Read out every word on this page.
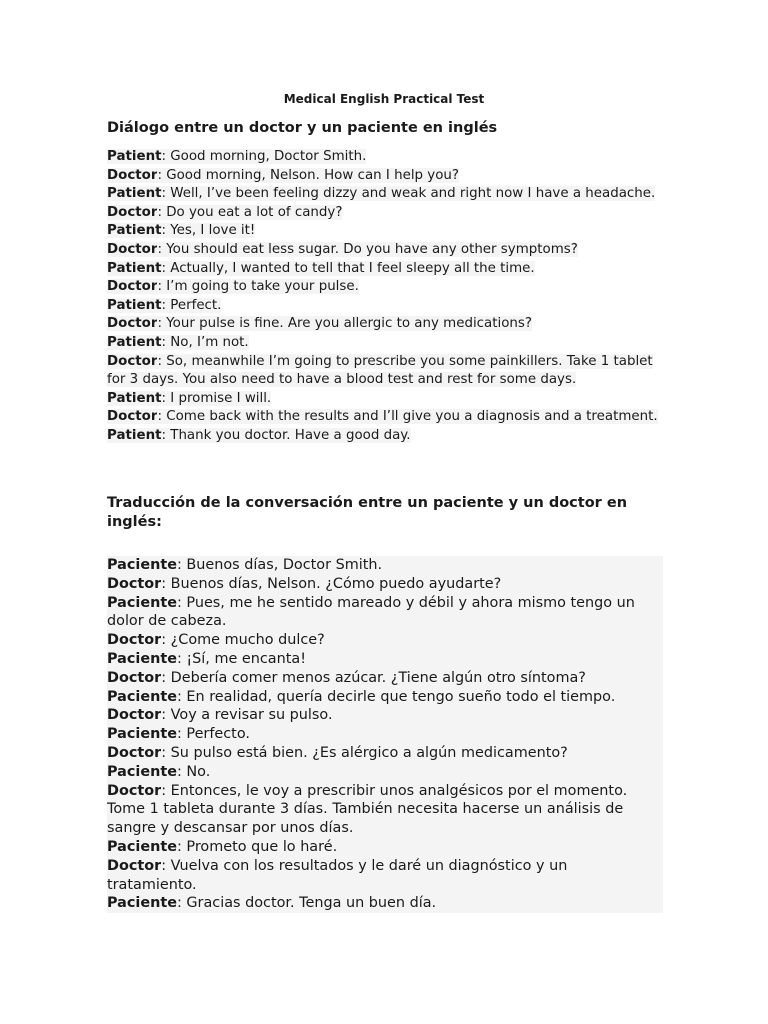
Medical English Practical Test
Diálogo entre un doctor y un paciente en inglés
Patient: Good morning, Doctor Smith.
Doctor: Good morning, Nelson. How can I help you?
Patient: Well, I’ve been feeling dizzy and weak and right now I have a headache.
Doctor: Do you eat a lot of candy?
Patient: Yes, I love it!
Doctor: You should eat less sugar. Do you have any other symptoms?
Patient: Actually, I wanted to tell that I feel sleepy all the time.
Doctor: I’m going to take your pulse.
Patient: Perfect.
Doctor: Your pulse is fine. Are you allergic to any medications?
Patient: No, I’m not.
Doctor: So, meanwhile I’m going to prescribe you some painkillers. Take 1 tablet for 3 days. You also need to have a blood test and rest for some days.
Patient: I promise I will.
Doctor: Come back with the results and I’ll give you a diagnosis and a treatment.
Patient: Thank you doctor. Have a good day.
Traducción de la conversación entre un paciente y un doctor en inglés:
Paciente: Buenos días, Doctor Smith.
Doctor: Buenos días, Nelson. ¿Cómo puedo ayudarte?
Paciente: Pues, me he sentido mareado y débil y ahora mismo tengo un dolor de cabeza.
Doctor: ¿Come mucho dulce?
Paciente: ¡Sí, me encanta!
Doctor: Debería comer menos azúcar. ¿Tiene algún otro síntoma?
Paciente: En realidad, quería decirle que tengo sueño todo el tiempo.
Doctor: Voy a revisar su pulso.
Paciente: Perfecto.
Doctor: Su pulso está bien. ¿Es alérgico a algún medicamento?
Paciente: No.
Doctor: Entonces, le voy a prescribir unos analgésicos por el momento. Tome 1 tableta durante 3 días. También necesita hacerse un análisis de sangre y descansar por unos días.
Paciente: Prometo que lo haré.
Doctor: Vuelva con los resultados y le daré un diagnóstico y un tratamiento.
Paciente: Gracias doctor. Tenga un buen día.
